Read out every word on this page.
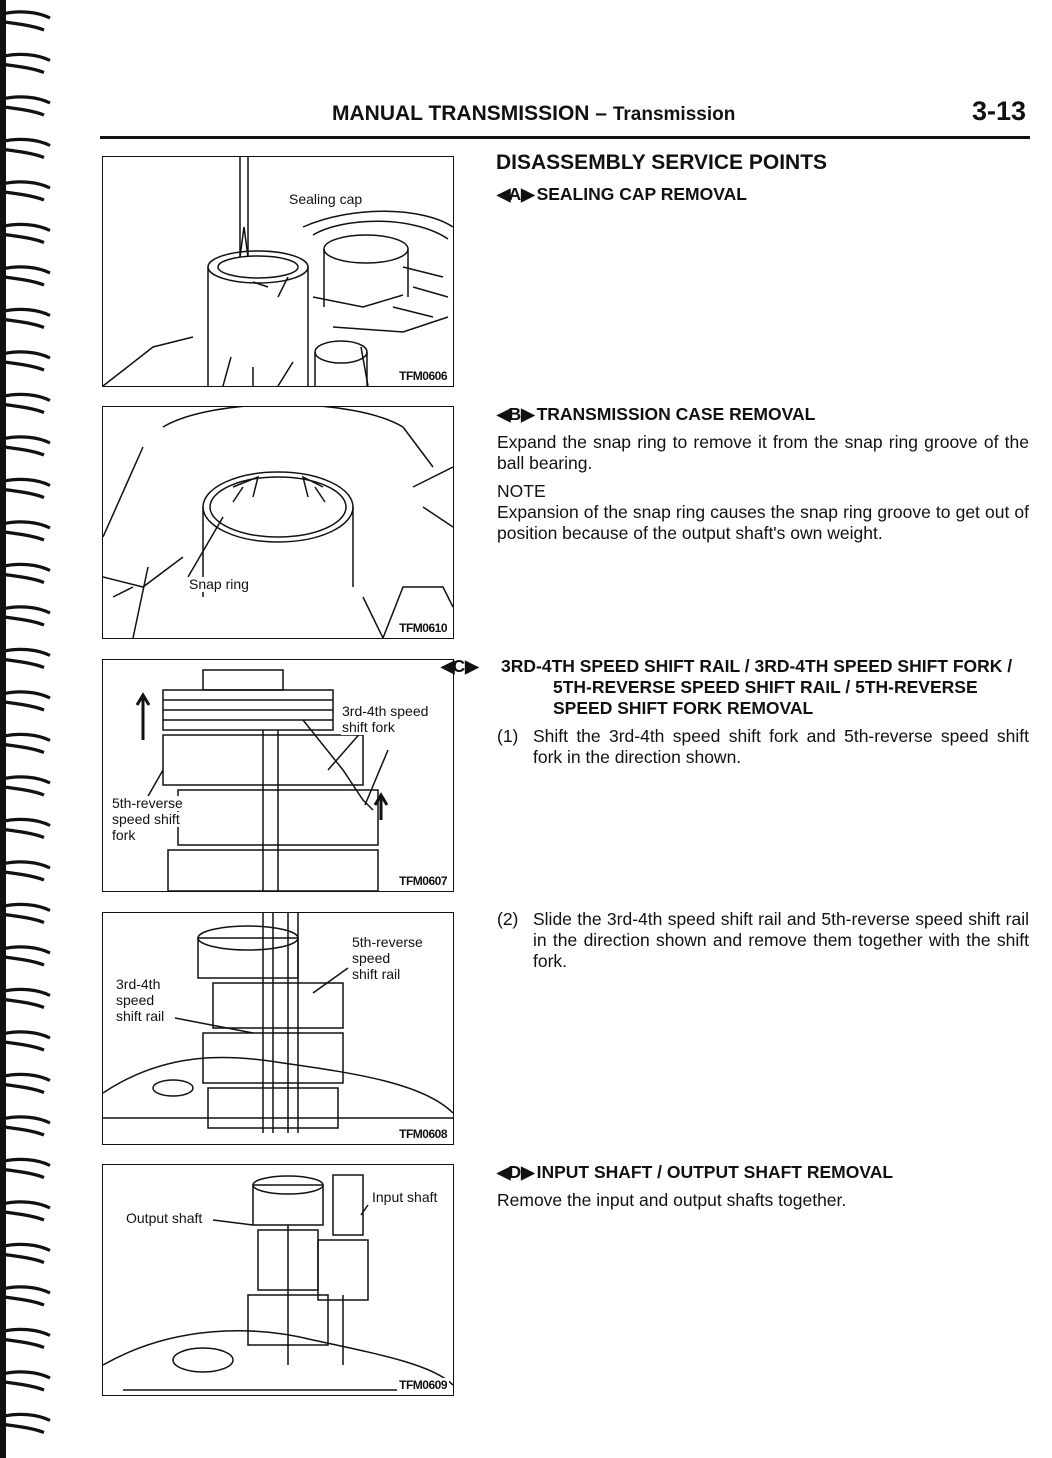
MANUAL TRANSMISSION – Transmission	3-13
Sealing cap
TFM0606
Snap ring
TFM0610
3rd-4th speed
shift fork
5th-reverse
speed shift
fork
TFM0607
5th-reverse
speed
shift rail
3rd-4th
speed
shift rail
TFM0608
Input shaft
Output shaft
TFM0609
DISASSEMBLY SERVICE POINTS

◀A▶ SEALING CAP REMOVAL

◀B▶ TRANSMISSION CASE REMOVAL

Expand the snap ring to remove it from the snap ring groove of the ball bearing.

NOTE

Expansion of the snap ring causes the snap ring groove to get out of position because of the output shaft's own weight.

C▶ 3RD-4TH SPEED SHIFT RAIL / 3RD-4TH SPEED SHIFT FORK / 5TH-REVERSE SPEED SHIFT RAIL / 5TH-REVERSE SPEED SHIFT FORK REMOVAL

(1) Shift the 3rd-4th speed shift fork and 5th-reverse speed shift fork in the direction shown.

(2) Slide the 3rd-4th speed shift rail and 5th-reverse speed shift rail in the direction shown and remove them together with the shift fork.

◀D▶ INPUT SHAFT / OUTPUT SHAFT REMOVAL

Remove the input and output shafts together.
